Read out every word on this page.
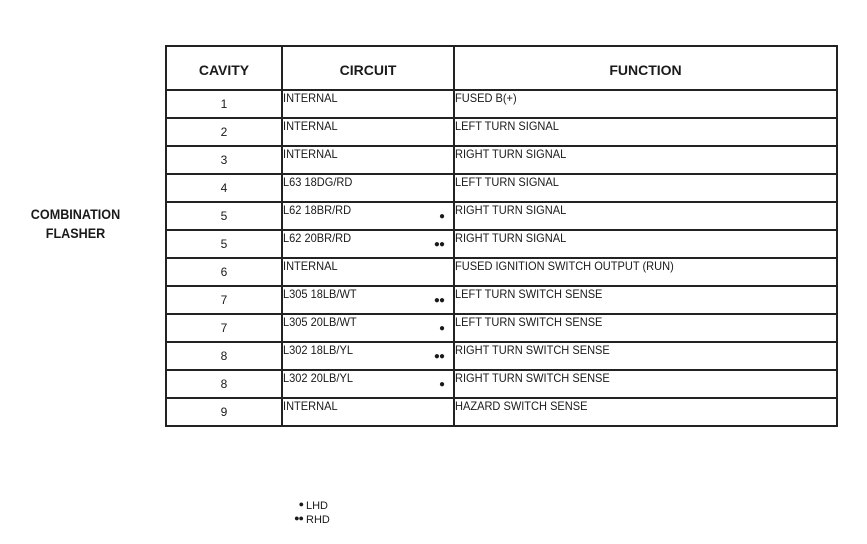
COMBINATION
FLASHER
CAVITY	CIRCUIT	FUNCTION
1	INTERNAL	FUSED B(+)
2	INTERNAL	LEFT TURN SIGNAL
3	INTERNAL	RIGHT TURN SIGNAL
4	L63 18DG/RD	LEFT TURN SIGNAL
5	L62 18BR/RD ●	RIGHT TURN SIGNAL
5	L62 20BR/RD ●●	RIGHT TURN SIGNAL
6	INTERNAL	FUSED IGNITION SWITCH OUTPUT (RUN)
7	L305 18LB/WT ●●	LEFT TURN SWITCH SENSE
7	L305 20LB/WT ●	LEFT TURN SWITCH SENSE
8	L302 18LB/YL ●●	RIGHT TURN SWITCH SENSE
8	L302 20LB/YL ●	RIGHT TURN SWITCH SENSE
9	INTERNAL	HAZARD SWITCH SENSE
● LHD
●● RHD
